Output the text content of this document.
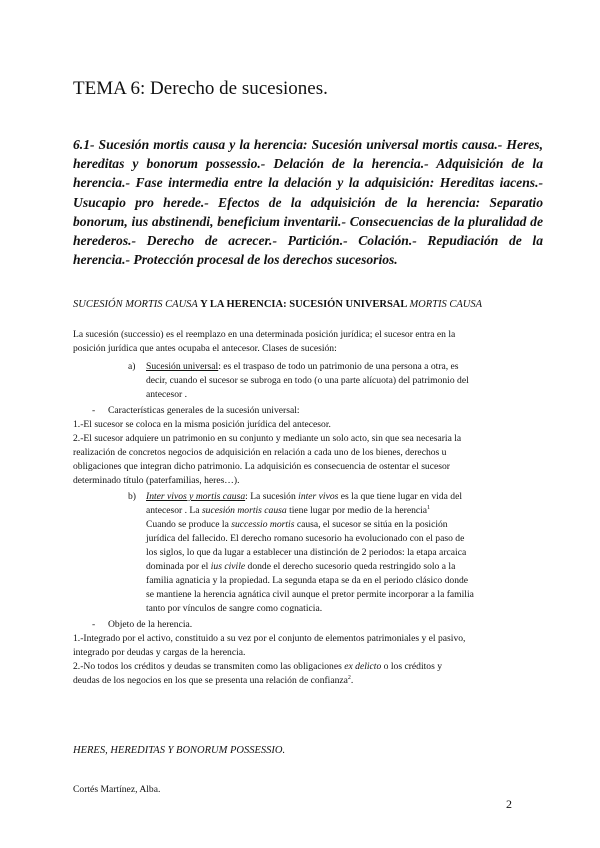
TEMA 6: Derecho de sucesiones.
6.1- Sucesión mortis causa y la herencia: Sucesión universal mortis causa.- Heres, hereditas y bonorum possessio.- Delación de la herencia.- Adquisición de la herencia.- Fase intermedia entre la delación y la adquisición: Hereditas iacens.- Usucapio pro herede.- Efectos de la adquisición de la herencia: Separatio bonorum, ius abstinendi, beneficium inventarii.- Consecuencias de la pluralidad de herederos.- Derecho de acrecer.- Partición.- Colación.- Repudiación de la herencia.- Protección procesal de los derechos sucesorios.
SUCESIÓN MORTIS CAUSA Y LA HERENCIA: SUCESIÓN UNIVERSAL MORTIS CAUSA
La sucesión (successio) es el reemplazo en una determinada posición jurídica; el sucesor entra en la
posición jurídica que antes ocupaba el antecesor. Clases de sucesión:
a) Sucesión universal: es el traspaso de todo un patrimonio de una persona a otra, es
decir, cuando el sucesor se subroga en todo (o una parte alícuota) del patrimonio del
antecesor .
- Características generales de la sucesión universal:
1.-El sucesor se coloca en la misma posición jurídica del antecesor.
2.-El sucesor adquiere un patrimonio en su conjunto y mediante un solo acto, sin que sea necesaria la
realización de concretos negocios de adquisición en relación a cada uno de los bienes, derechos u
obligaciones que integran dicho patrimonio. La adquisición es consecuencia de ostentar el sucesor
determinado título (paterfamilias, heres…).
b) Inter vivos y mortis causa: La sucesión inter vivos es la que tiene lugar en vida del
antecesor . La sucesión mortis causa tiene lugar por medio de la herencia$^1$
Cuando se produce la successio mortis causa, el sucesor se sitúa en la posición
jurídica del fallecido. El derecho romano sucesorio ha evolucionado con el paso de
los siglos, lo que da lugar a establecer una distinción de 2 periodos: la etapa arcaica
dominada por el ius civile donde el derecho sucesorio queda restringido solo a la
familia agnaticia y la propiedad. La segunda etapa se da en el periodo clásico donde
se mantiene la herencia agnática civil aunque el pretor permite incorporar a la familia
tanto por vínculos de sangre como cognaticia.
- Objeto de la herencia.
1.-Integrado por el activo, constituido a su vez por el conjunto de elementos patrimoniales y el pasivo,
integrado por deudas y cargas de la herencia.
2.-No todos los créditos y deudas se transmiten como las obligaciones ex delicto o los créditos y
deudas de los negocios en los que se presenta una relación de confianza$^2$.
HERES, HEREDITAS Y BONORUM POSSESSIO.
Cortés Martínez, Alba.
2
